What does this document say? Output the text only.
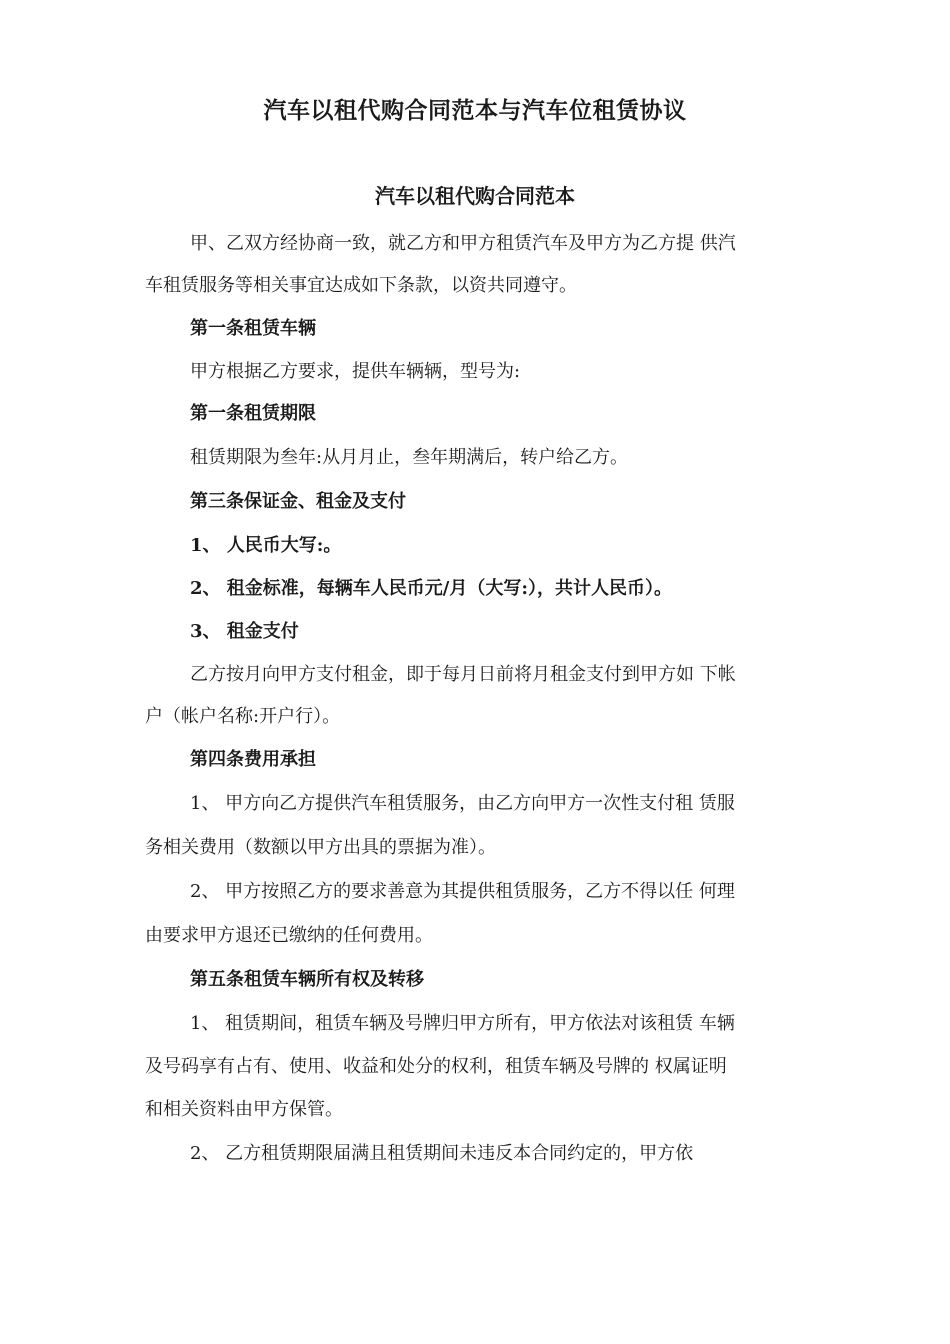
汽车以租代购合同范本与汽车位租赁协议
汽车以租代购合同范本

甲、乙双方经协商一致，就乙方和甲方租赁汽车及甲方为乙方提 供汽

车租赁服务等相关事宜达成如下条款，以资共同遵守。

第一条租赁车辆

甲方根据乙方要求，提供车辆辆，型号为:

第一条租赁期限

租赁期限为叁年:从月月止，叁年期满后，转户给乙方。

第三条保证金、租金及支付

1、 人民币大写:。

2、 租金标准，每辆车人民币元/月（大写:），共计人民币）。

3、 租金支付

乙方按月向甲方支付租金，即于每月日前将月租金支付到甲方如 下帐

户（帐户名称:开户行）。

第四条费用承担

1、 甲方向乙方提供汽车租赁服务，由乙方向甲方一次性支付租 赁服

务相关费用（数额以甲方出具的票据为准）。

2、 甲方按照乙方的要求善意为其提供租赁服务，乙方不得以任 何理

由要求甲方退还已缴纳的任何费用。

第五条租赁车辆所有权及转移

1、 租赁期间，租赁车辆及号牌归甲方所有，甲方依法对该租赁 车辆

及号码享有占有、使用、收益和处分的权利，租赁车辆及号牌的 权属证明

和相关资料由甲方保管。

2、 乙方租赁期限届满且租赁期间未违反本合同约定的，甲方依
